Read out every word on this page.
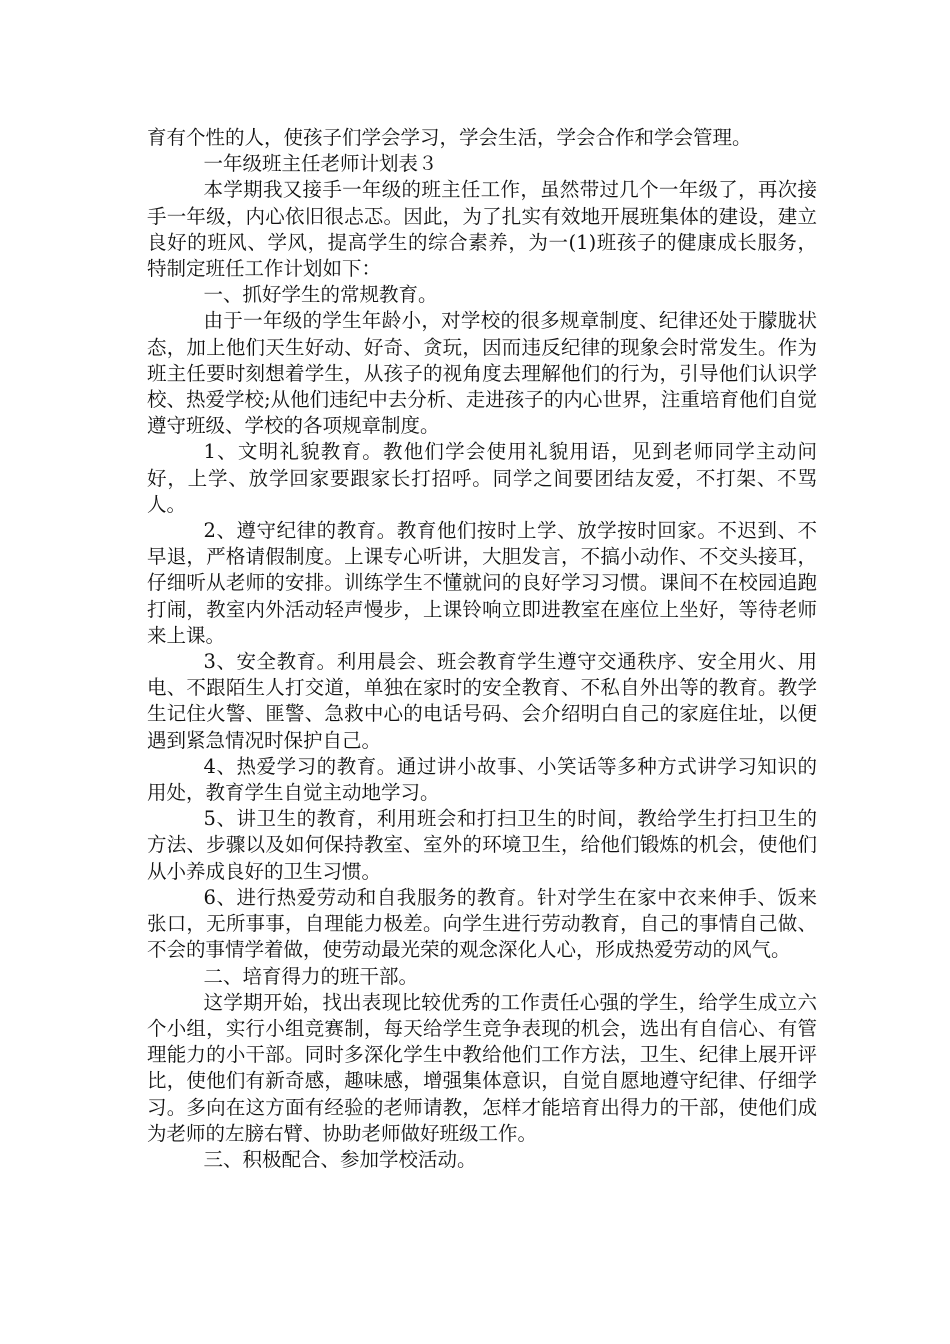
育有个性的人，使孩子们学会学习，学会生活，学会合作和学会管理。

一年级班主任老师计划表３

本学期我又接手一年级的班主任工作，虽然带过几个一年级了，再次接手一年级，内心依旧很忐忑。因此，为了扎实有效地开展班集体的建设，建立良好的班风、学风，提高学生的综合素养，为一(1)班孩子的健康成长服务，特制定班任工作计划如下：

一、抓好学生的常规教育。

由于一年级的学生年龄小，对学校的很多规章制度、纪律还处于朦胧状态，加上他们天生好动、好奇、贪玩，因而违反纪律的现象会时常发生。作为班主任要时刻想着学生，从孩子的视角度去理解他们的行为，引导他们认识学校、热爱学校;从他们违纪中去分析、走进孩子的内心世界，注重培育他们自觉遵守班级、学校的各项规章制度。

1、文明礼貌教育。教他们学会使用礼貌用语，见到老师同学主动问好，上学、放学回家要跟家长打招呼。同学之间要团结友爱，不打架、不骂人。

2、遵守纪律的教育。教育他们按时上学、放学按时回家。不迟到、不早退，严格请假制度。上课专心听讲，大胆发言，不搞小动作、不交头接耳，仔细听从老师的安排。训练学生不懂就问的良好学习习惯。课间不在校园追跑打闹，教室内外活动轻声慢步，上课铃响立即进教室在座位上坐好，等待老师来上课。

3、安全教育。利用晨会、班会教育学生遵守交通秩序、安全用火、用电、不跟陌生人打交道，单独在家时的安全教育、不私自外出等的教育。教学生记住火警、匪警、急救中心的电话号码、会介绍明白自己的家庭住址，以便遇到紧急情况时保护自己。

4、热爱学习的教育。通过讲小故事、小笑话等多种方式讲学习知识的用处，教育学生自觉主动地学习。

5、讲卫生的教育，利用班会和打扫卫生的时间，教给学生打扫卫生的方法、步骤以及如何保持教室、室外的环境卫生，给他们锻炼的机会，使他们从小养成良好的卫生习惯。

6、进行热爱劳动和自我服务的教育。针对学生在家中衣来伸手、饭来张口，无所事事，自理能力极差。向学生进行劳动教育，自己的事情自己做、不会的事情学着做，使劳动最光荣的观念深化人心，形成热爱劳动的风气。

二、培育得力的班干部。

这学期开始，找出表现比较优秀的工作责任心强的学生，给学生成立六个小组，实行小组竞赛制，每天给学生竞争表现的机会，选出有自信心、有管理能力的小干部。同时多深化学生中教给他们工作方法，卫生、纪律上展开评比，使他们有新奇感，趣味感，增强集体意识，自觉自愿地遵守纪律、仔细学习。多向在这方面有经验的老师请教，怎样才能培育出得力的干部，使他们成为老师的左膀右臂、协助老师做好班级工作。

三、积极配合、参加学校活动。
